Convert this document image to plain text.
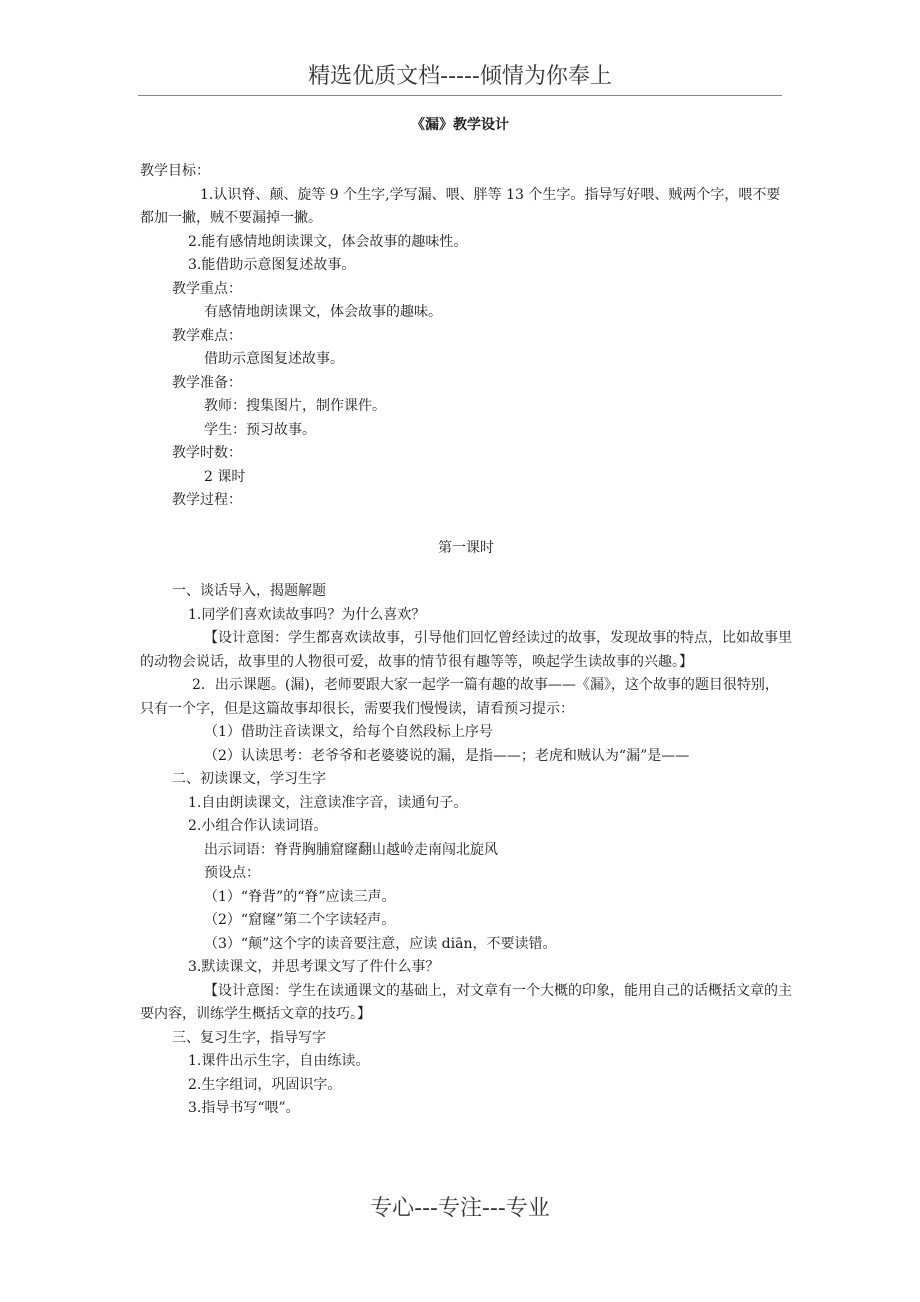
精选优质文档-----倾情为你奉上
《漏》教学设计

教学目标：

1.认识脊、颠、旋等 9 个生字,学写漏、喂、胖等 13 个生字。指导写好喂、贼两个字，喂不要都加一撇，贼不要漏掉一撇。

2.能有感情地朗读课文，体会故事的趣味性。

3.能借助示意图复述故事。

教学重点：

有感情地朗读课文，体会故事的趣味。

教学难点：

借助示意图复述故事。

教学准备：

教师：搜集图片，制作课件。

学生：预习故事。

教学时数：

2 课时

教学过程：

第一课时

一、谈话导入，揭题解题

1.同学们喜欢读故事吗？为什么喜欢？

【设计意图：学生都喜欢读故事，引导他们回忆曾经读过的故事，发现故事的特点，比如故事里的动物会说话，故事里的人物很可爱，故事的情节很有趣等等，唤起学生读故事的兴趣。】

2．出示课题。(漏)，老师要跟大家一起学一篇有趣的故事——《漏》，这个故事的题目很特别，只有一个字，但是这篇故事却很长，需要我们慢慢读，请看预习提示：

（1）借助注音读课文，给每个自然段标上序号

（2）认读思考：老爷爷和老婆婆说的漏，是指——；老虎和贼认为“漏”是——

二、初读课文，学习生字

1.自由朗读课文，注意读准字音，读通句子。

2.小组合作认读词语。

出示词语：脊背胸脯窟窿翻山越岭走南闯北旋风

预设点：

（1）“脊背”的“脊”应读三声。

（2）“窟窿”第二个字读轻声。

（3）“颠”这个字的读音要注意，应读 diān，不要读错。

3.默读课文，并思考课文写了件什么事？

【设计意图：学生在读通课文的基础上，对文章有一个大概的印象，能用自己的话概括文章的主要内容，训练学生概括文章的技巧。】

三、复习生字，指导写字

1.课件出示生字，自由练读。

2.生字组词，巩固识字。

3.指导书写“喂”。

专心---专注---专业
